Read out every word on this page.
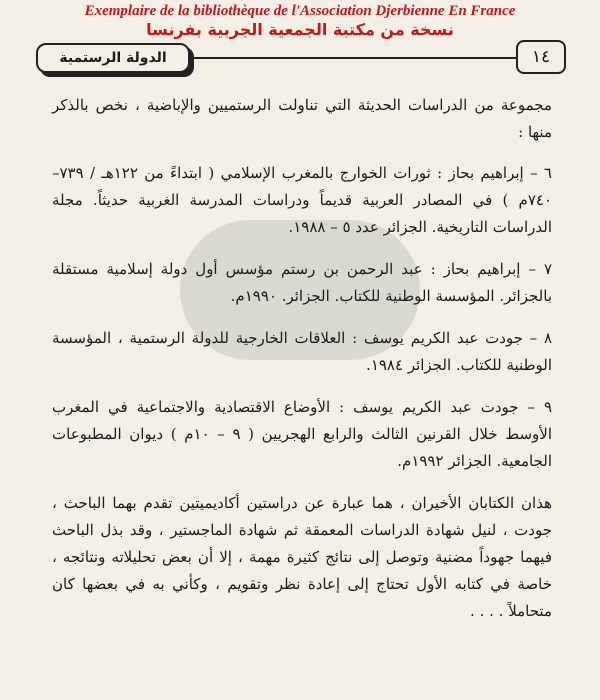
Exemplaire de la bibliothèque de l'Association Djerbienne En France
نسخة من مكتبة الجمعية الجربية بفرنسا
الدولة الرستمية	١٤

مجموعة من الدراسات الحديثة التي تناولت الرستميين والإباضية ، نخص بالذكر منها :

٦ – إبراهيم بحاز : ثورات الخوارج بالمغرب الإسلامي ( ابتداءً من ١٢٢هـ / ٧٣٩–٧٤٠م ) في المصادر العربية قديماً ودراسات المدرسة الغربية حديثاً. مجلة الدراسات التاريخية. الجزائر عدد ٥ – ١٩٨٨.

٧ – إبراهيم بحاز : عبد الرحمن بن رستم مؤسس أول دولة إسلامية مستقلة بالجزائر. المؤسسة الوطنية للكتاب. الجزائر. ١٩٩٠م.

٨ – جودت عبد الكريم يوسف : العلاقات الخارجية للدولة الرستمية ، المؤسسة الوطنية للكتاب. الجزائر ١٩٨٤.

٩ – جودت عبد الكريم يوسف : الأوضاع الاقتصادية والاجتماعية في المغرب الأوسط خلال القرنين الثالث والرابع الهجريين ( ٩ – ١٠م ) ديوان المطبوعات الجامعية. الجزائر ١٩٩٢م.

هذان الكتابان الأخيران ، هما عبارة عن دراستين أكاديميتين تقدم بهما الباحث ، جودت ، لنيل شهادة الدراسات المعمقة ثم شهادة الماجستير ، وقد بذل الباحث فيهما جهوداً مضنية وتوصل إلى نتائج كثيرة مهمة ، إلا أن بعض تحليلاته ونتائجه ، خاصة في كتابه الأول تحتاج إلى إعادة نظر وتقويم ، وكأني به في بعضها كان متحاملاً . . . .
